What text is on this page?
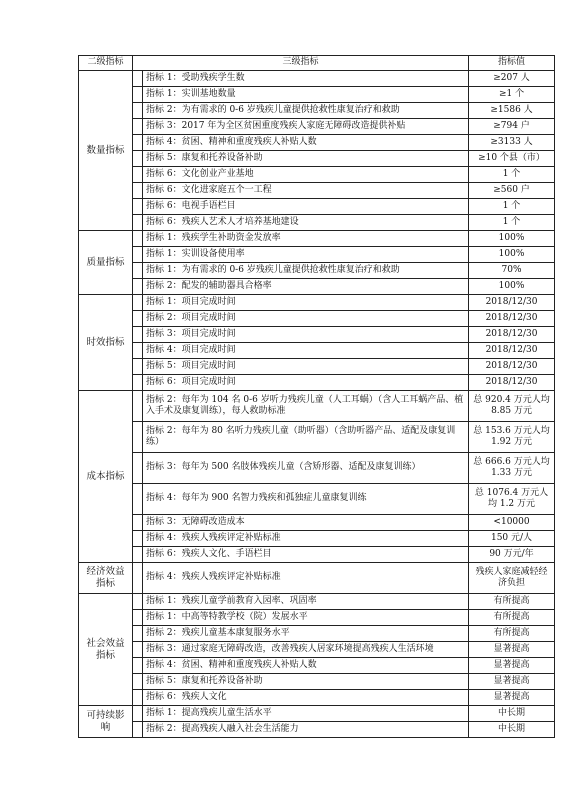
二级指标	三级指标		指标值
数量指标		指标 1：受助残疾学生数	≥207 人
		指标 1：实训基地数量	≥1 个
		指标 2：为有需求的 0-6 岁残疾儿童提供抢救性康复治疗和救助	≥1586 人
		指标 3：2017 年为全区贫困重度残疾人家庭无障碍改造提供补贴	≥794 户
		指标 4：贫困、精神和重度残疾人补贴人数	≥3133 人
		指标 5：康复和托养设备补助	≥10 个县（市）
		指标 6：文化创业产业基地	1 个
		指标 6：文化进家庭五个一工程	≥560 户
		指标 6：电视手语栏目	1 个
		指标 6：残疾人艺术人才培养基地建设	1 个
质量指标		指标 1：残疾学生补助资金发放率	100%
		指标 1：实训设备使用率	100%
		指标 1：为有需求的 0-6 岁残疾儿童提供抢救性康复治疗和救助	70%
		指标 2：配发的辅助器具合格率	100%
时效指标		指标 1：项目完成时间	2018/12/30
		指标 2：项目完成时间	2018/12/30
		指标 3：项目完成时间	2018/12/30
		指标 4：项目完成时间	2018/12/30
		指标 5：项目完成时间	2018/12/30
		指标 6：项目完成时间	2018/12/30
成本指标		指标 2：每年为 104 名 0-6 岁听力残疾儿童（人工耳蜗）（含人工耳蜗产品、植入手术及康复训练），每人救助标准	总 920.4 万元人均 8.85 万元
		指标 2：每年为 80 名听力残疾儿童（助听器）（含助听器产品、适配及康复训练）	总 153.6 万元人均 1.92 万元
		指标 3：每年为 500 名肢体残疾儿童（含矫形器、适配及康复训练）	总 666.6 万元人均 1.33 万元
		指标 4：每年为 900 名智力残疾和孤独症儿童康复训练	总 1076.4 万元人均 1.2 万元
		指标 3：无障碍改造成本	<10000
		指标 4：残疾人残疾评定补贴标准	150 元/人
		指标 6：残疾人文化、手语栏目	90 万元/年
经济效益指标		指标 4：残疾人残疾评定补贴标准	残疾人家庭减轻经济负担
社会效益指标		指标 1：残疾儿童学前教育入园率、巩固率	有所提高
		指标 1：中高等特教学校（院）发展水平	有所提高
		指标 2：残疾儿童基本康复服务水平	有所提高
		指标 3：通过家庭无障碍改造，改善残疾人居家环境提高残疾人生活环境	显著提高
		指标 4：贫困、精神和重度残疾人补贴人数	显著提高
		指标 5：康复和托养设备补助	显著提高
		指标 6：残疾人文化	显著提高
可持续影响		指标 1：提高残疾儿童生活水平	中长期
		指标 2：提高残疾人融入社会生活能力	中长期
